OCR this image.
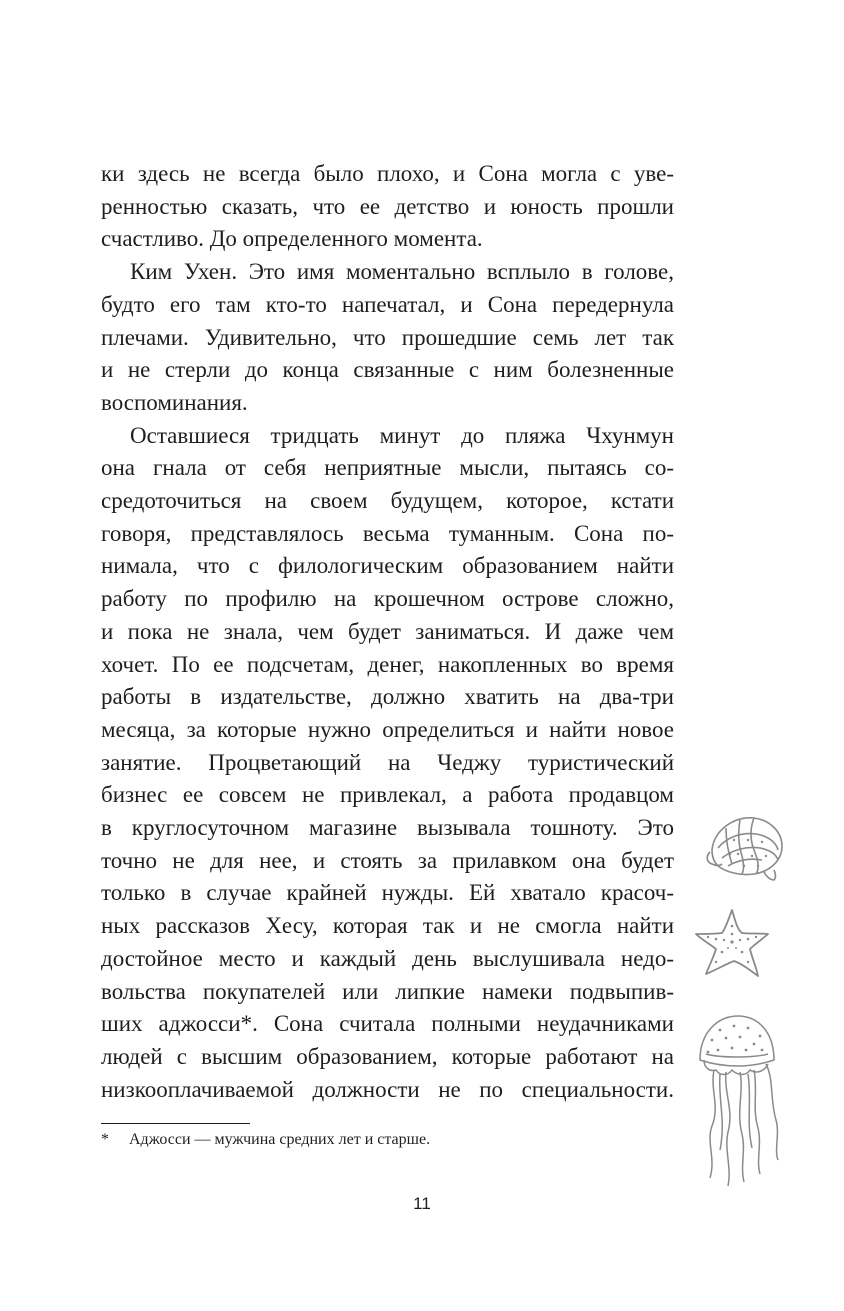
ки здесь не всегда было плохо, и Сона могла с уве-
ренностью сказать, что ее детство и юность прошли
счастливо. До определенного момента.
Ким Ухен. Это имя моментально всплыло в голове,
будто его там кто-то напечатал, и Сона передернула
плечами. Удивительно, что прошедшие семь лет так
и не стерли до конца связанные с ним болезненные
воспоминания.
Оставшиеся тридцать минут до пляжа Чхунмун
она гнала от себя неприятные мысли, пытаясь со-
средоточиться на своем будущем, которое, кстати
говоря, представлялось весьма туманным. Сона по-
нимала, что с филологическим образованием найти
работу по профилю на крошечном острове сложно,
и пока не знала, чем будет заниматься. И даже чем
хочет. По ее подсчетам, денег, накопленных во время
работы в издательстве, должно хватить на два-три
месяца, за которые нужно определиться и найти новое
занятие. Процветающий на Чеджу туристический
бизнес ее совсем не привлекал, а работа продавцом
в круглосуточном магазине вызывала тошноту. Это
точно не для нее, и стоять за прилавком она будет
только в случае крайней нужды. Ей хватало красоч-
ных рассказов Хесу, которая так и не смогла найти
достойное место и каждый день выслушивала недо-
вольства покупателей или липкие намеки подвыпив-
ших аджосси*. Сона считала полными неудачниками
людей с высшим образованием, которые работают на
низкооплачиваемой должности не по специальности.
* Аджосси — мужчина средних лет и старше.
11
